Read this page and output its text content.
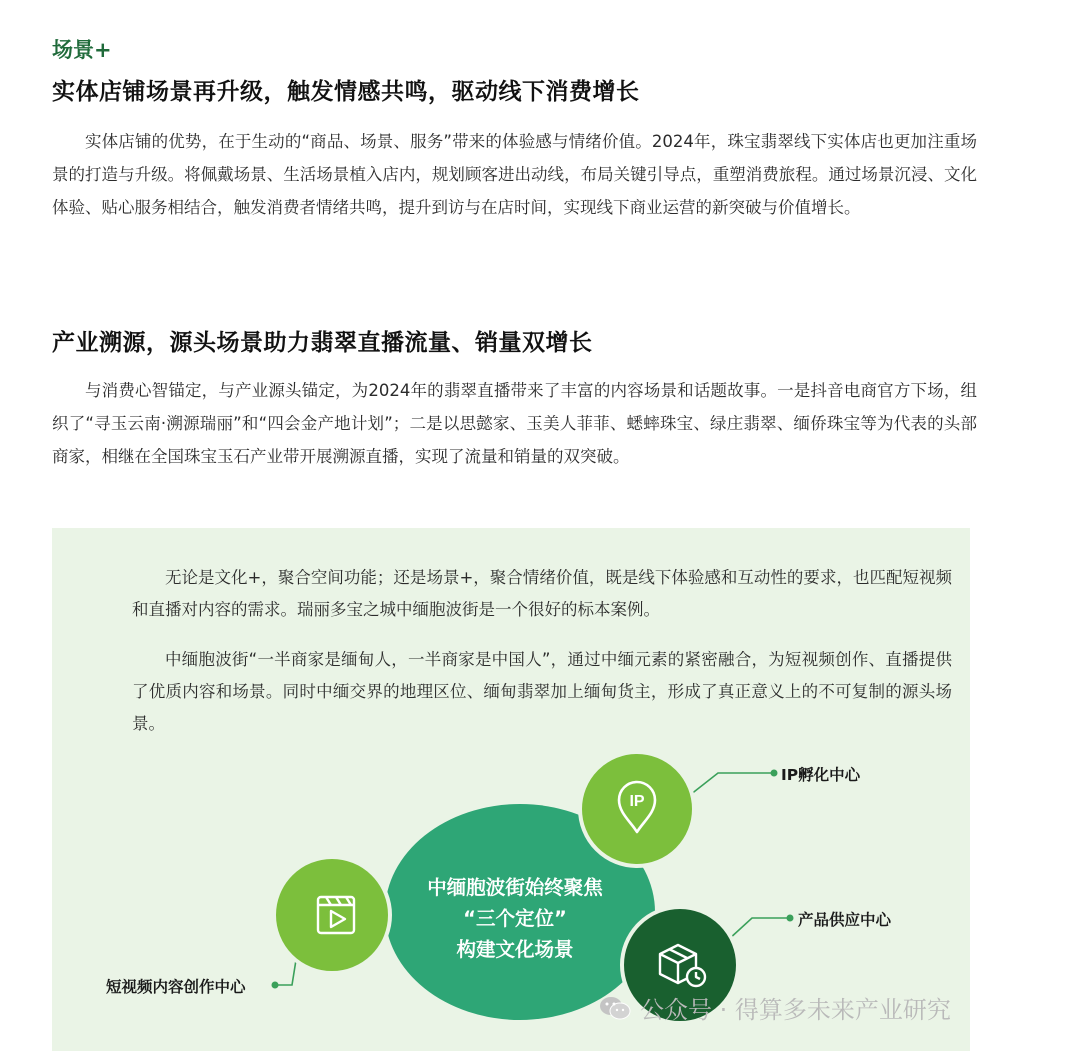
场景+
实体店铺场景再升级，触发情感共鸣，驱动线下消费增长

实体店铺的优势，在于生动的“商品、场景、服务”带来的体验感与情绪价值。2024年，珠宝翡翠线下实体店也更加注重场景的打造与升级。将佩戴场景、生活场景植入店内，规划顾客进出动线，布局关键引导点，重塑消费旅程。通过场景沉浸、文化体验、贴心服务相结合，触发消费者情绪共鸣，提升到访与在店时间，实现线下商业运营的新突破与价值增长。

产业溯源，源头场景助力翡翠直播流量、销量双增长

与消费心智锚定，与产业源头锚定，为2024年的翡翠直播带来了丰富的内容场景和话题故事。一是抖音电商官方下场，组织了“寻玉云南·溯源瑞丽”和“四会金产地计划”；二是以思懿家、玉美人菲菲、蟋蟀珠宝、绿庄翡翠、缅侨珠宝等为代表的头部商家，相继在全国珠宝玉石产业带开展溯源直播，实现了流量和销量的双突破。

无论是文化+，聚合空间功能；还是场景+，聚合情绪价值，既是线下体验感和互动性的要求，也匹配短视频和直播对内容的需求。瑞丽多宝之城中缅胞波街是一个很好的标本案例。

中缅胞波街“一半商家是缅甸人，一半商家是中国人”，通过中缅元素的紧密融合，为短视频创作、直播提供了优质内容和场景。同时中缅交界的地理区位、缅甸翡翠加上缅甸货主，形成了真正意义上的不可复制的源头场景。

IP
中缅胞波街始终聚焦
“三个定位”
构建文化场景
IP孵化中心
产品供应中心
短视频内容创作中心
公众号 · 得算多未来产业研究
